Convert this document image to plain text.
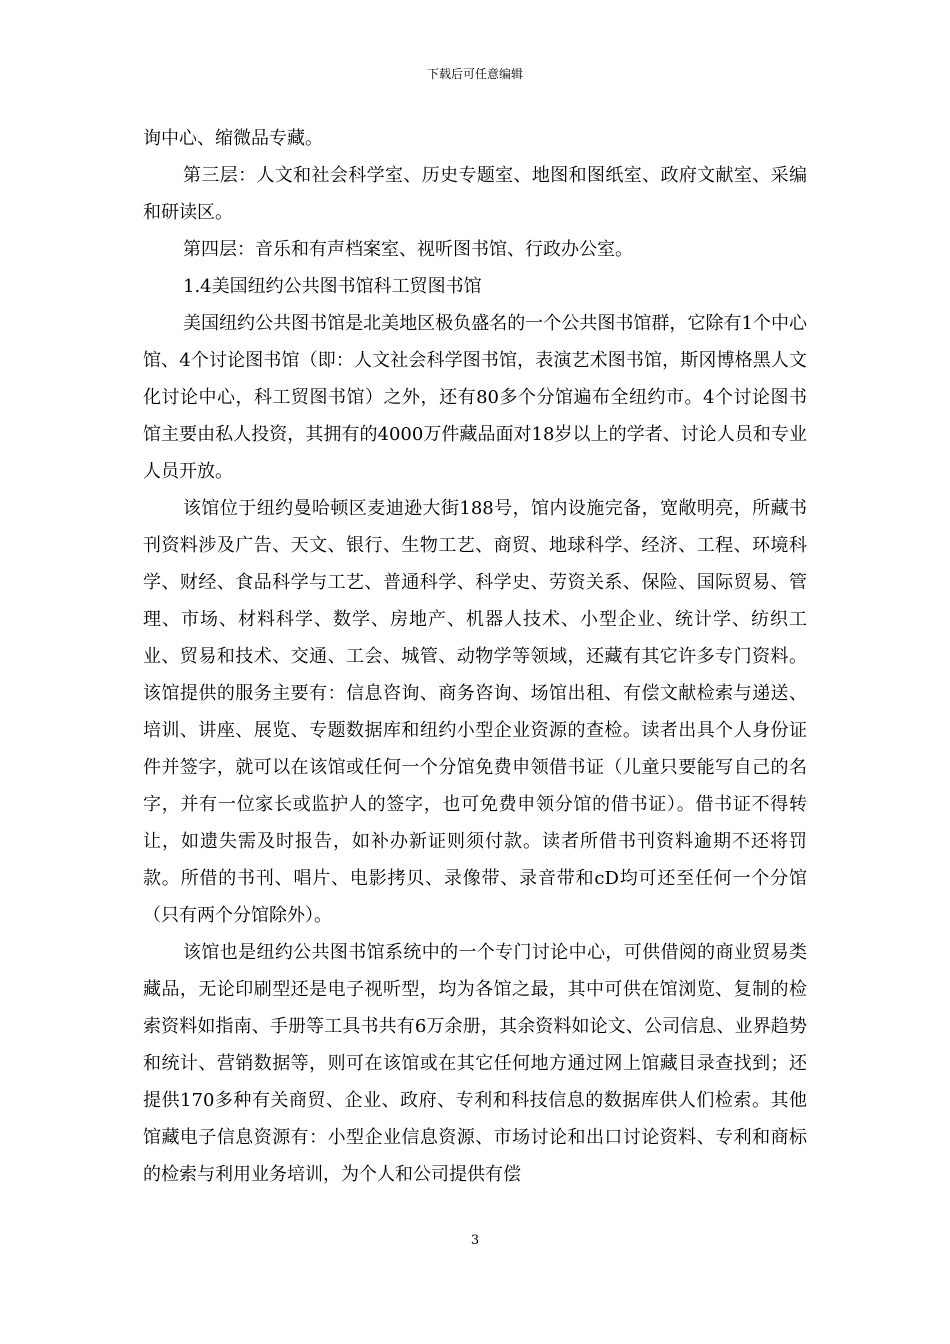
下载后可任意编辑

询中心、缩微品专藏。

第三层：人文和社会科学室、历史专题室、地图和图纸室、政府文献室、采编和研读区。

第四层：音乐和有声档案室、视听图书馆、行政办公室。

1.4美国纽约公共图书馆科工贸图书馆

美国纽约公共图书馆是北美地区极负盛名的一个公共图书馆群，它除有1个中心馆、4个讨论图书馆（即：人文社会科学图书馆，表演艺术图书馆，斯冈博格黑人文化讨论中心，科工贸图书馆）之外，还有80多个分馆遍布全纽约市。4个讨论图书馆主要由私人投资，其拥有的4000万件藏品面对18岁以上的学者、讨论人员和专业人员开放。

该馆位于纽约曼哈顿区麦迪逊大街188号，馆内设施完备，宽敞明亮，所藏书刊资料涉及广告、天文、银行、生物工艺、商贸、地球科学、经济、工程、环境科学、财经、食品科学与工艺、普通科学、科学史、劳资关系、保险、国际贸易、管理、市场、材料科学、数学、房地产、机器人技术、小型企业、统计学、纺织工业、贸易和技术、交通、工会、城管、动物学等领域，还藏有其它许多专门资料。该馆提供的服务主要有：信息咨询、商务咨询、场馆出租、有偿文献检索与递送、培训、讲座、展览、专题数据库和纽约小型企业资源的查检。读者出具个人身份证件并签字，就可以在该馆或任何一个分馆免费申领借书证（儿童只要能写自己的名字，并有一位家长或监护人的签字，也可免费申领分馆的借书证）。借书证不得转让，如遗失需及时报告，如补办新证则须付款。读者所借书刊资料逾期不还将罚款。所借的书刊、唱片、电影拷贝、录像带、录音带和cD均可还至任何一个分馆（只有两个分馆除外）。

该馆也是纽约公共图书馆系统中的一个专门讨论中心，可供借阅的商业贸易类藏品，无论印刷型还是电子视听型，均为各馆之最，其中可供在馆浏览、复制的检索资料如指南、手册等工具书共有6万余册，其余资料如论文、公司信息、业界趋势和统计、营销数据等，则可在该馆或在其它任何地方通过网上馆藏目录查找到；还提供170多种有关商贸、企业、政府、专利和科技信息的数据库供人们检索。其他馆藏电子信息资源有：小型企业信息资源、市场讨论和出口讨论资料、专利和商标的检索与利用业务培训，为个人和公司提供有偿

3
